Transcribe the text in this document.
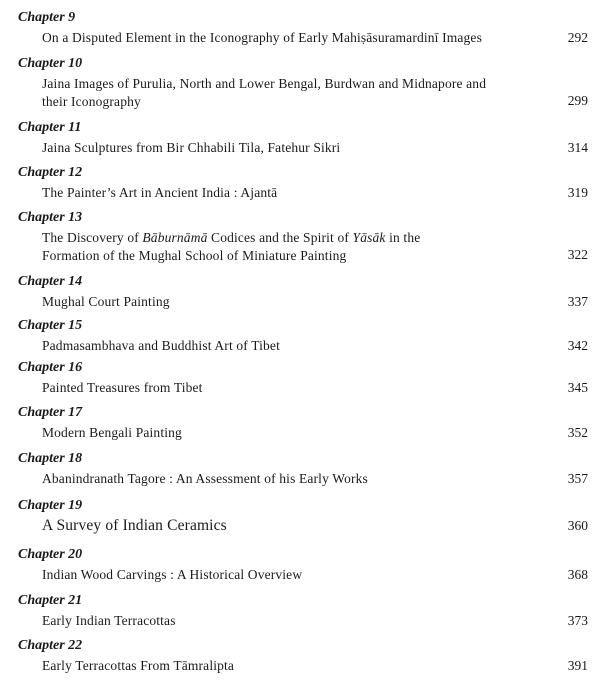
Chapter 9
On a Disputed Element in the Iconography of Early Mahiṣāsuramardinī Images	292
Chapter 10
Jaina Images of Purulia, North and Lower Bengal, Burdwan and Midnapore and their Iconography	299
Chapter 11
Jaina Sculptures from Bir Chhabili Tila, Fatehur Sikri	314
Chapter 12
The Painter’s Art in Ancient India : Ajantā	319
Chapter 13
The Discovery of Bāburnāmā Codices and the Spirit of Yāsāk in the Formation of the Mughal School of Miniature Painting	322
Chapter 14
Mughal Court Painting	337
Chapter 15
Padmasambhava and Buddhist Art of Tibet	342
Chapter 16
Painted Treasures from Tibet	345
Chapter 17
Modern Bengali Painting	352
Chapter 18
Abanindranath Tagore : An Assessment of his Early Works	357
Chapter 19
A Survey of Indian Ceramics	360
Chapter 20
Indian Wood Carvings : A Historical Overview	368
Chapter 21
Early Indian Terracottas	373
Chapter 22
Early Terracottas From Tāmralipta	391
